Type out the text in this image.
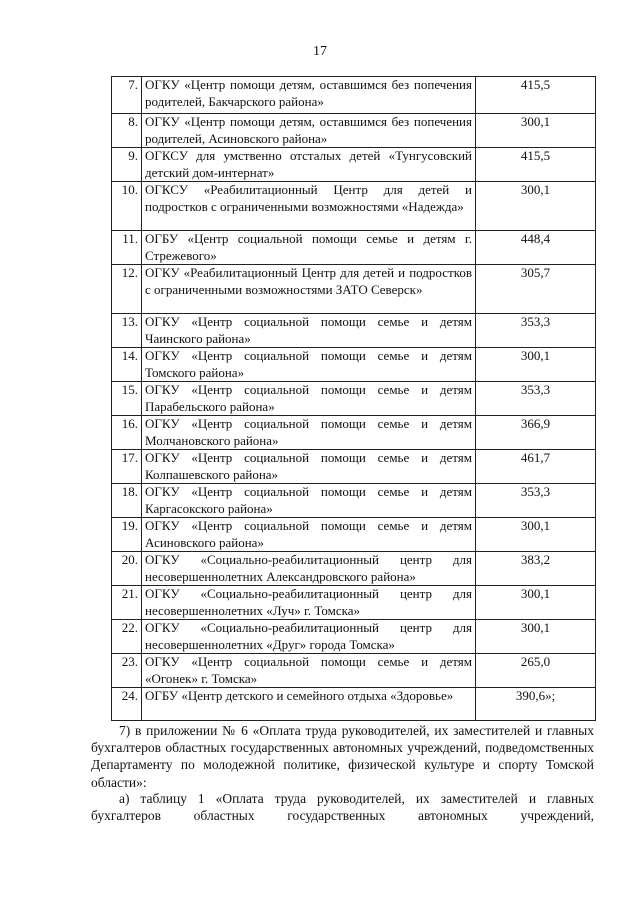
17
7.	ОГКУ «Центр помощи детям, оставшимся без попечения родителей, Бакчарского района»	415,5
8.	ОГКУ «Центр помощи детям, оставшимся без попечения родителей, Асиновского района»	300,1
9.	ОГКСУ для умственно отсталых детей «Тунгусовский детский дом-интернат»	415,5
10.	ОГКСУ «Реабилитационный Центр для детей и подростков с ограниченными возможностями «Надежда»	300,1
11.	ОГБУ «Центр социальной помощи семье и детям г. Стрежевого»	448,4
12.	ОГКУ «Реабилитационный Центр для детей и подростков с ограниченными возможностями ЗАТО Северск»	305,7
13.	ОГКУ «Центр социальной помощи семье и детям Чаинского района»	353,3
14.	ОГКУ «Центр социальной помощи семье и детям Томского района»	300,1
15.	ОГКУ «Центр социальной помощи семье и детям Парабельского района»	353,3
16.	ОГКУ «Центр социальной помощи семье и детям Молчановского района»	366,9
17.	ОГКУ «Центр социальной помощи семье и детям Колпашевского района»	461,7
18.	ОГКУ «Центр социальной помощи семье и детям Каргасокского района»	353,3
19.	ОГКУ «Центр социальной помощи семье и детям Асиновского района»	300,1
20.	ОГКУ «Социально-реабилитационный центр для несовершеннолетних Александровского района»	383,2
21.	ОГКУ «Социально-реабилитационный центр для несовершеннолетних «Луч» г. Томска»	300,1
22.	ОГКУ «Социально-реабилитационный центр для несовершеннолетних «Друг» города Томска»	300,1
23.	ОГКУ «Центр социальной помощи семье и детям «Огонек» г. Томска»	265,0
24.	ОГБУ «Центр детского и семейного отдыха «Здоровье»	390,6»;

7) в приложении № 6 «Оплата труда руководителей, их заместителей и главных бухгалтеров областных государственных автономных учреждений, подведомственных Департаменту по молодежной политике, физической культуре и спорту Томской области»:

а) таблицу 1 «Оплата труда руководителей, их заместителей и главных бухгалтеров областных государственных автономных учреждений,
